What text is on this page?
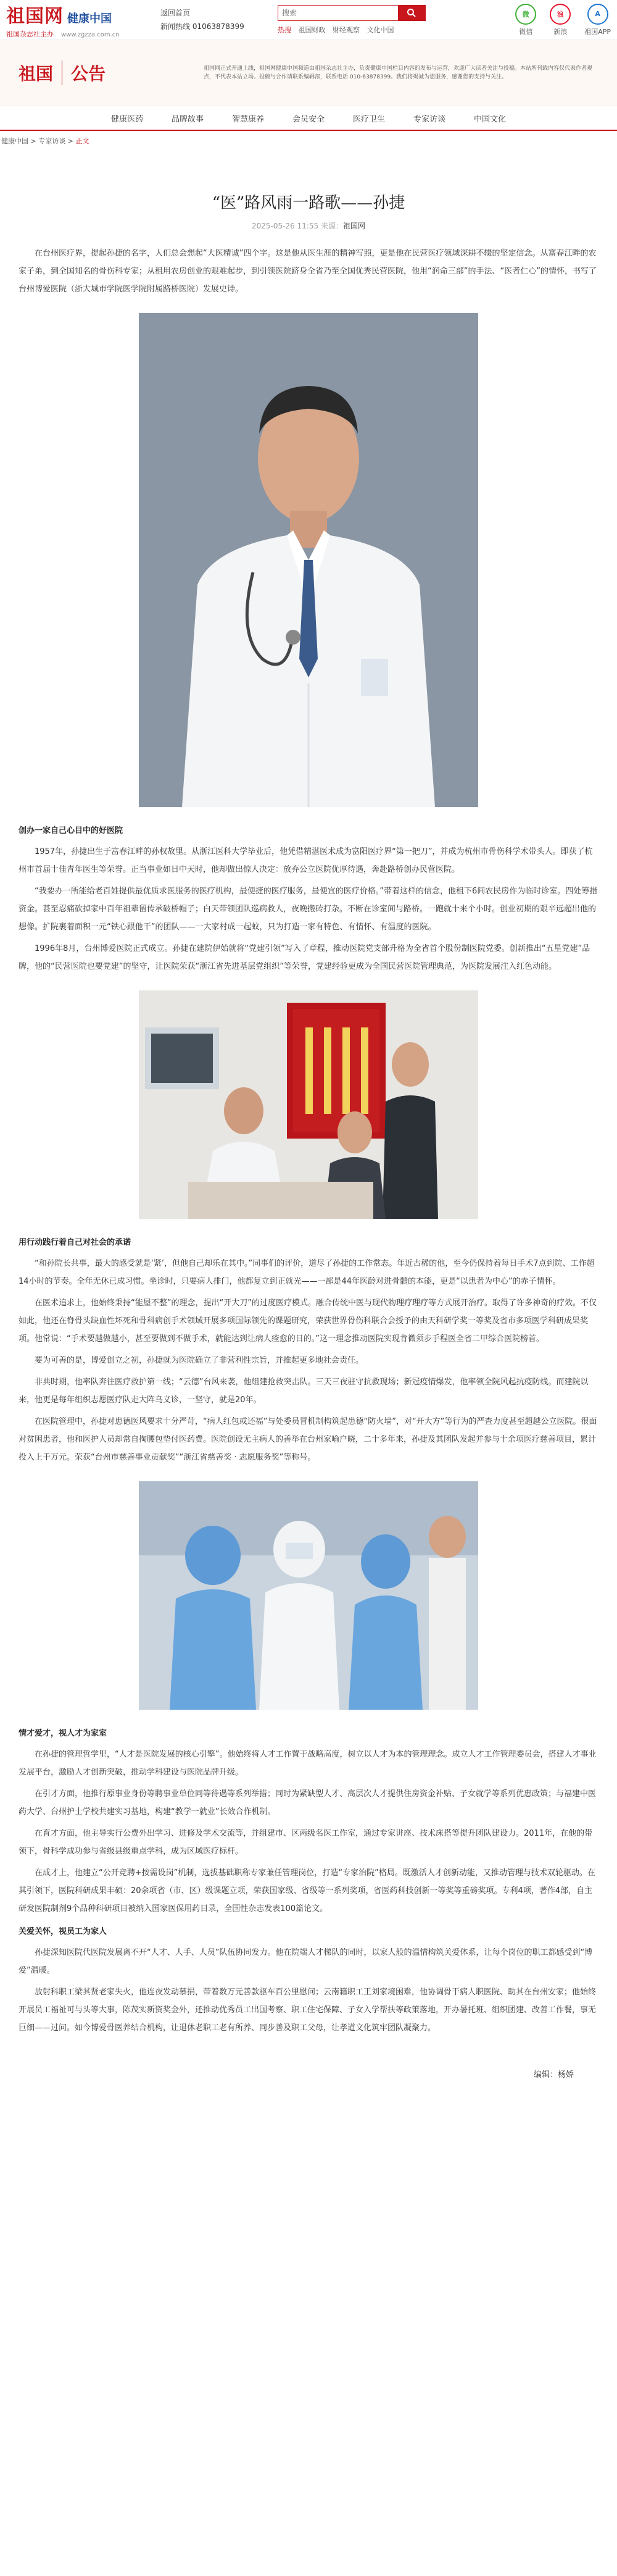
祖国网 健康中国
祖国杂志社主办 www.zgzza.com.cn
返回首页
新闻热线 01063878399
搜索	热搜 祖国财政 财经观察 文化中国
微
微信
浪
新浪
A
祖国APP
祖国 公告	祖国网正式开通上线，祖国网健康中国频道由祖国杂志社主办，负责健康中国栏目内容的发布与运营，欢迎广大读者关注与投稿。本站所刊载内容仅代表作者观点，不代表本站立场。投稿与合作请联系编辑部，联系电话 010-63878399。我们将竭诚为您服务，感谢您的支持与关注。
健康医药	品牌故事	智慧康养	会员安全	医疗卫生	专家访谈	中国文化
健康中国 > 专家访谈 > 正文
“医”路风雨一路歌——孙捷
2025-05-26 11:55 来源：祖国网

在台州医疗界，提起孙捷的名字，人们总会想起“大医精诚”四个字。这是他从医生涯的精神写照，更是他在民营医疗领域深耕不辍的坚定信念。从富春江畔的农家子弟，到全国知名的骨伤科专家；从租用农房创业的艰难起步，到引领医院跻身全省乃至全国优秀民营医院，他用“润命三部”的手法、“医者仁心”的情怀，书写了台州博爱医院（浙大城市学院医学院附属路桥医院）发展史诗。

创办一家自己心目中的好医院

1957年，孙捷出生于富春江畔的孙权故里。从浙江医科大学毕业后，他凭借精湛医术成为富阳医疗界“第一把刀”，并成为杭州市骨伤科学术带头人。即获了杭州市首届十佳青年医生等荣誉。正当事业如日中天时，他却做出惊人决定：放弃公立医院优厚待遇，奔赴路桥创办民营医院。

“我要办一所能给老百姓提供最优质求医服务的医疗机构，最便捷的医疗服务，最便宜的医疗价格。”带着这样的信念，他租下6间农民房作为临时诊室。四处筹措资金。甚至忍痛砍掉家中百年祖辈留传承破桥帽子；白天带领团队巡病救人，夜晚搬砖打杂。不断在诊室间与路桥。一跑就十来个小时。创业初期的艰辛远超出他的想像。扩院裹着面积一元“铁心跟他干”的团队——一大家村成一起蚊，只为打造一家有特色、有情怀、有温度的医院。

1996年8月，台州博爱医院正式成立。孙捷在建院伊始就将“党建引领”写入了章程，推动医院党支部升格为全省首个股份制医院党委。创新推出“五星党建”品牌，他的“民营医院也要党建”的坚守，让医院荣获“浙江省先进基层党组织”等荣誉，党建经验更成为全国民营医院管理典范，为医院发展注入红色动能。

用行动践行着自己对社会的承诺

“和孙院长共事，最大的感受就是‘紧’，但他自己却乐在其中。”同事们的评价，道尽了孙捷的工作常态。年近古稀的他，至今仍保持着每日手术7点到院、工作超14小时的节奏。全年无休已成习惯。坐诊时，只要病人排门，他都复立到正就光——一部是44年医龄对进骨髓的本能，更是“以患者为中心”的赤子情怀。

在医术追求上，他始终秉持“能屋不整”的理念，提出“开大刀”的过度医疗模式。融合传统中医与现代物理疗理疗等方式展开治疗。取得了许多神奇的疗效。不仅如此，他还在脊骨头缺血性坏死和骨科病创手术领域开展多项国际领先的课题研究，荣获世界骨伤科联合会授予的由天科研学奖一等奖及省市多项医学科研成果奖项。他常说：“手术要越做越小，甚至要做到不做手术，就能达到让病人痊愈的目的。”这一理念推动医院实现肯微须步手程医全省二甲综合医院榜首。

要为可善的是，博爱创立之初，孙捷就为医院确立了非营利性宗旨，并推起更多地社会责任。

非典时期，他率队奔往医疗救护第一线；“云德”台风来袭，他组建抢救突击队。三天三夜驻守抗救现场；新冠疫情爆发，他率领全院风起抗疫防线。而建院以来，他更是每年组织志愿医疗队走大阵乌义诊，一坚守，就是20年。

在医院管理中，孙捷对患德医风要求十分严苛，“病人红包或还福”与处委员冒机制构筑起患德“防火墙”，对“开大方”等行为的严查力度甚至超越公立医院。很面对贫困患者，他和医护人员却常自掏腰包垫付医药费。医院创设无主病人的善举在台州家喻户晓，二十多年来，孙捷及其团队发起并参与十余项医疗慈善项目，累计投入上千万元。荣获“台州市慈善事业贡献奖”“浙江省慈善奖 · 志愿服务奖”等称号。

情才爱才，视人才为家室

在孙捷的管理哲学里，“人才是医院发展的核心引擎”。他始终将人才工作置于战略高度，树立以人才为本的管理理念。成立人才工作管理委员会，搭建人才事业发展平台，激励人才创新突破，推动学科建设与医院品牌升级。

在引才方面，他推行原事业身份等聘事业单位同等待遇等系列举措；同时为紧缺型人才、高层次人才提供住房资金补贴、子女就学等系列优惠政策；与福建中医药大学、台州护士学校共建实习基地，构建“教学一就业”长效合作机制。

在育才方面，他主导实行公费外出学习、进修及学术交流等，并组建市、区两级名医工作室，通过专家讲座、技术床搭等提升团队建设力。2011年，在他的带领下，骨科学成功参与省级县级重点学科，成为区域医疗标杆。

在成才上，他建立“公开竞聘+按需设岗”机制，选拔基础职称专家兼任管理岗位，打造“专家治院”格局。既激活人才创新动能，又推动管理与技术双轮驱动。在其引领下，医院科研成果丰硕：20余项省（市、区）级课题立项，荣获国家级、省级等一系列奖项，省医药科技创新一等奖等重磅奖项。专利4项，著作4部，自主研发医院制剂9个品种科研项目被纳入国家医保用药目录，全国性杂志发表100篇论文。

关爱关怀，视员工为家人

孙捷深知医院代医院发展离不开“人才、人手、人员”队伍协同发力。他在院端人才梯队的同时，以家人般的温情构筑关爱体系，让每个岗位的职工都感受到“博爱”温暖。

放射科职工梁其贤老家失火，他连夜发动慕捐，带着数万元善款驱车百公里慰问；云南籍职工王刘家境困难，他协调骨干病人职医院、助其在台州安家；他始终开展员工福祉可与头等大事，陈茂实新资奖金外，还推动优秀员工出国考察、职工住宅保障、子女入学帮扶等政策落地，开办暑托班、组织团建、改善工作餐，事无巨细——过问。如今博爱骨医养结合机构，让退休老职工老有所养、同步善及职工父母，让孝道文化筑牢团队凝聚力。

编辑：杨娇
